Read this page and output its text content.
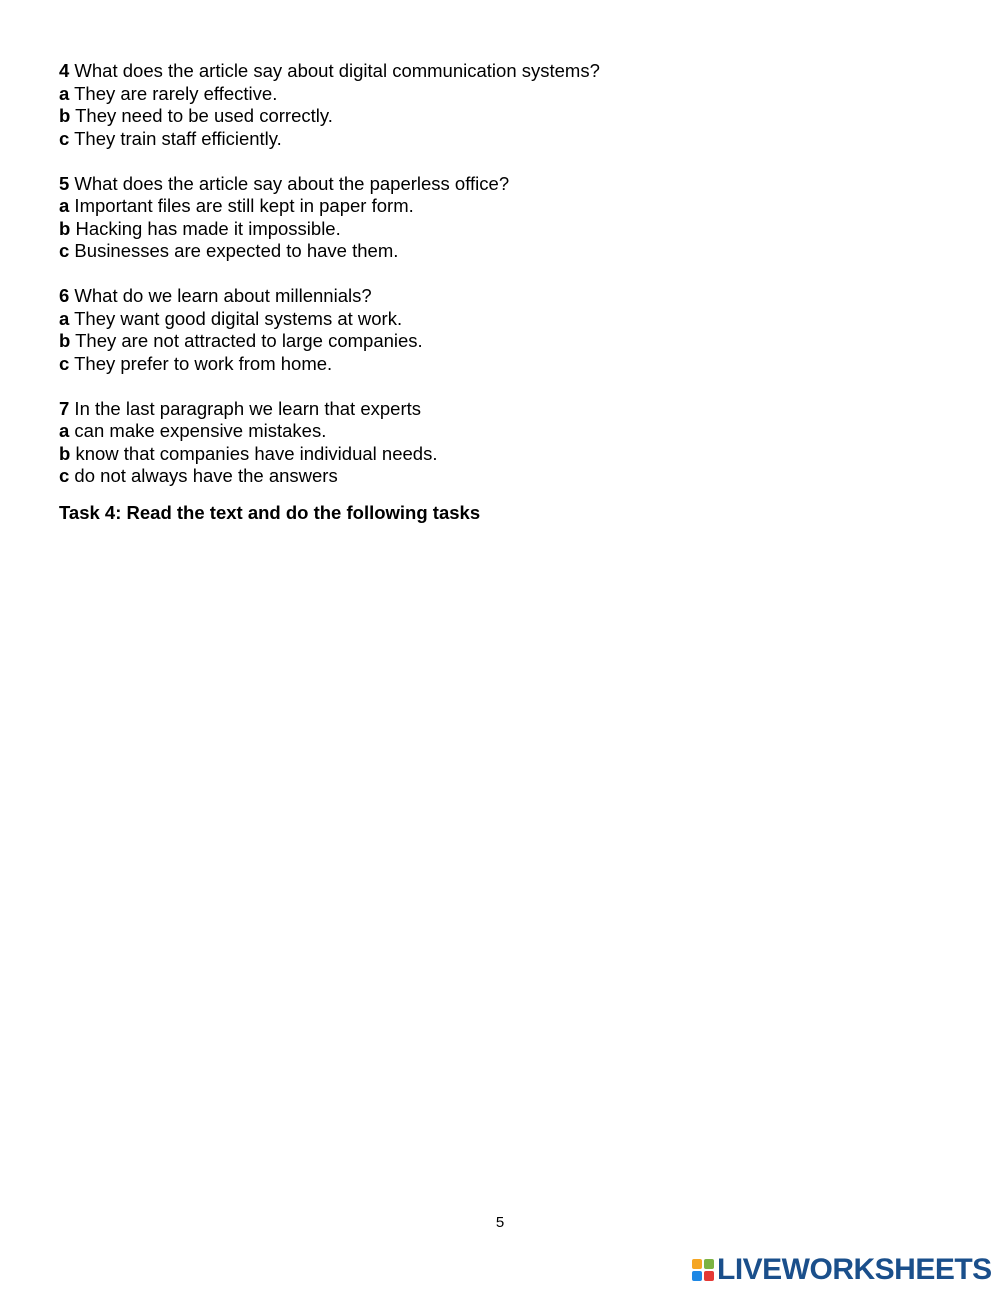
4 What does the article say about digital communication systems?
a They are rarely effective.
b They need to be used correctly.
c They train staff efficiently.
5 What does the article say about the paperless office?
a Important files are still kept in paper form.
b Hacking has made it impossible.
c Businesses are expected to have them.
6 What do we learn about millennials?
a They want good digital systems at work.
b They are not attracted to large companies.
c They prefer to work from home.
7 In the last paragraph we learn that experts
a can make expensive mistakes.
b know that companies have individual needs.
c do not always have the answers
Task 4: Read the text and do the following tasks
5
LIVEWORKSHEETS
